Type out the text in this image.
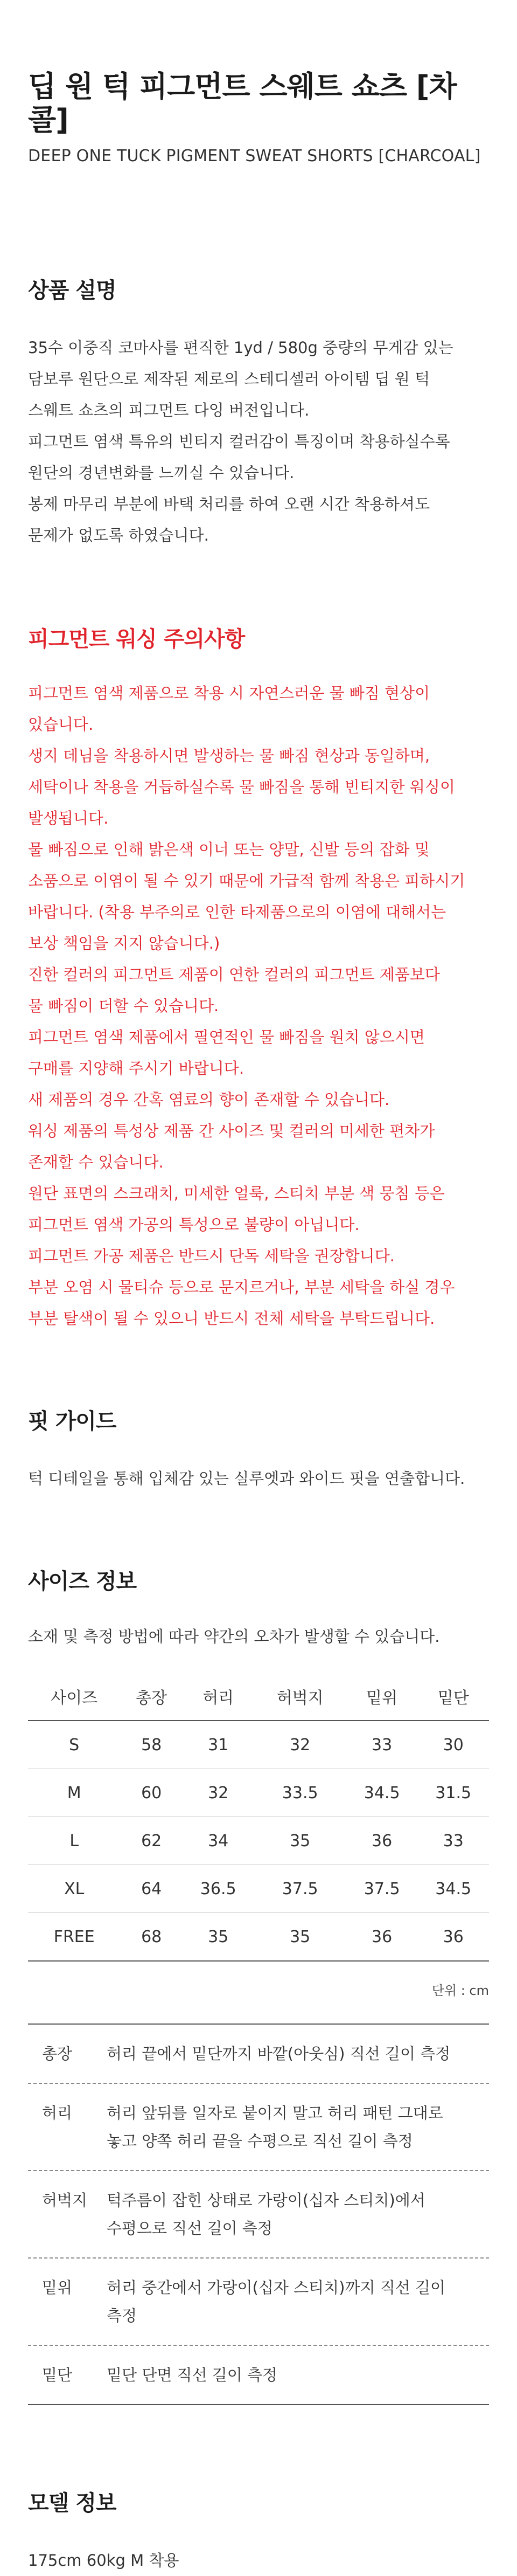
딥 원 턱 피그먼트 스웨트 쇼츠 [차콜]

DEEP ONE TUCK PIGMENT SWEAT SHORTS [CHARCOAL]

상품 설명

35수 이중직 코마사를 편직한 1yd / 580g 중량의 무게감 있는

담보루 원단으로 제작된 제로의 스테디셀러 아이템 딥 원 턱

스웨트 쇼츠의 피그먼트 다잉 버전입니다.

피그먼트 염색 특유의 빈티지 컬러감이 특징이며 착용하실수록

원단의 경년변화를 느끼실 수 있습니다.

봉제 마무리 부분에 바택 처리를 하여 오랜 시간 착용하셔도

문제가 없도록 하였습니다.

피그먼트 워싱 주의사항

피그먼트 염색 제품으로 착용 시 자연스러운 물 빠짐 현상이

있습니다.

생지 데님을 착용하시면 발생하는 물 빠짐 현상과 동일하며,

세탁이나 착용을 거듭하실수록 물 빠짐을 통해 빈티지한 워싱이

발생됩니다.

물 빠짐으로 인해 밝은색 이너 또는 양말, 신발 등의 잡화 및

소품으로 이염이 될 수 있기 때문에 가급적 함께 착용은 피하시기

바랍니다. (착용 부주의로 인한 타제품으로의 이염에 대해서는

보상 책임을 지지 않습니다.)

진한 컬러의 피그먼트 제품이 연한 컬러의 피그먼트 제품보다

물 빠짐이 더할 수 있습니다.

피그먼트 염색 제품에서 필연적인 물 빠짐을 원치 않으시면

구매를 지양해 주시기 바랍니다.

새 제품의 경우 간혹 염료의 향이 존재할 수 있습니다.

워싱 제품의 특성상 제품 간 사이즈 및 컬러의 미세한 편차가

존재할 수 있습니다.

원단 표면의 스크래치, 미세한 얼룩, 스티치 부분 색 뭉침 등은

피그먼트 염색 가공의 특성으로 불량이 아닙니다.

피그먼트 가공 제품은 반드시 단독 세탁을 권장합니다.

부분 오염 시 물티슈 등으로 문지르거나, 부분 세탁을 하실 경우

부분 탈색이 될 수 있으니 반드시 전체 세탁을 부탁드립니다.

핏 가이드

턱 디테일을 통해 입체감 있는 실루엣과 와이드 핏을 연출합니다.

사이즈 정보

소재 및 측정 방법에 따라 약간의 오차가 발생할 수 있습니다.

사이즈	총장	허리	허벅지	밑위	밑단
S	58	31	32	33	30
M	60	32	33.5	34.5	31.5
L	62	34	35	36	33
XL	64	36.5	37.5	37.5	34.5
FREE	68	35	35	36	36
단위 : cm
총장	허리 끝에서 밑단까지 바깥(아웃심) 직선 길이 측정
허리	허리 앞뒤를 일자로 붙이지 말고 허리 패턴 그대로
놓고 양쪽 허리 끝을 수평으로 직선 길이 측정
허벅지	턱주름이 잡힌 상태로 가랑이(십자 스티치)에서
수평으로 직선 길이 측정
밑위	허리 중간에서 가랑이(십자 스티치)까지 직선 길이
측정
밑단	밑단 단면 직선 길이 측정
모델 정보

175cm 60kg M 착용
